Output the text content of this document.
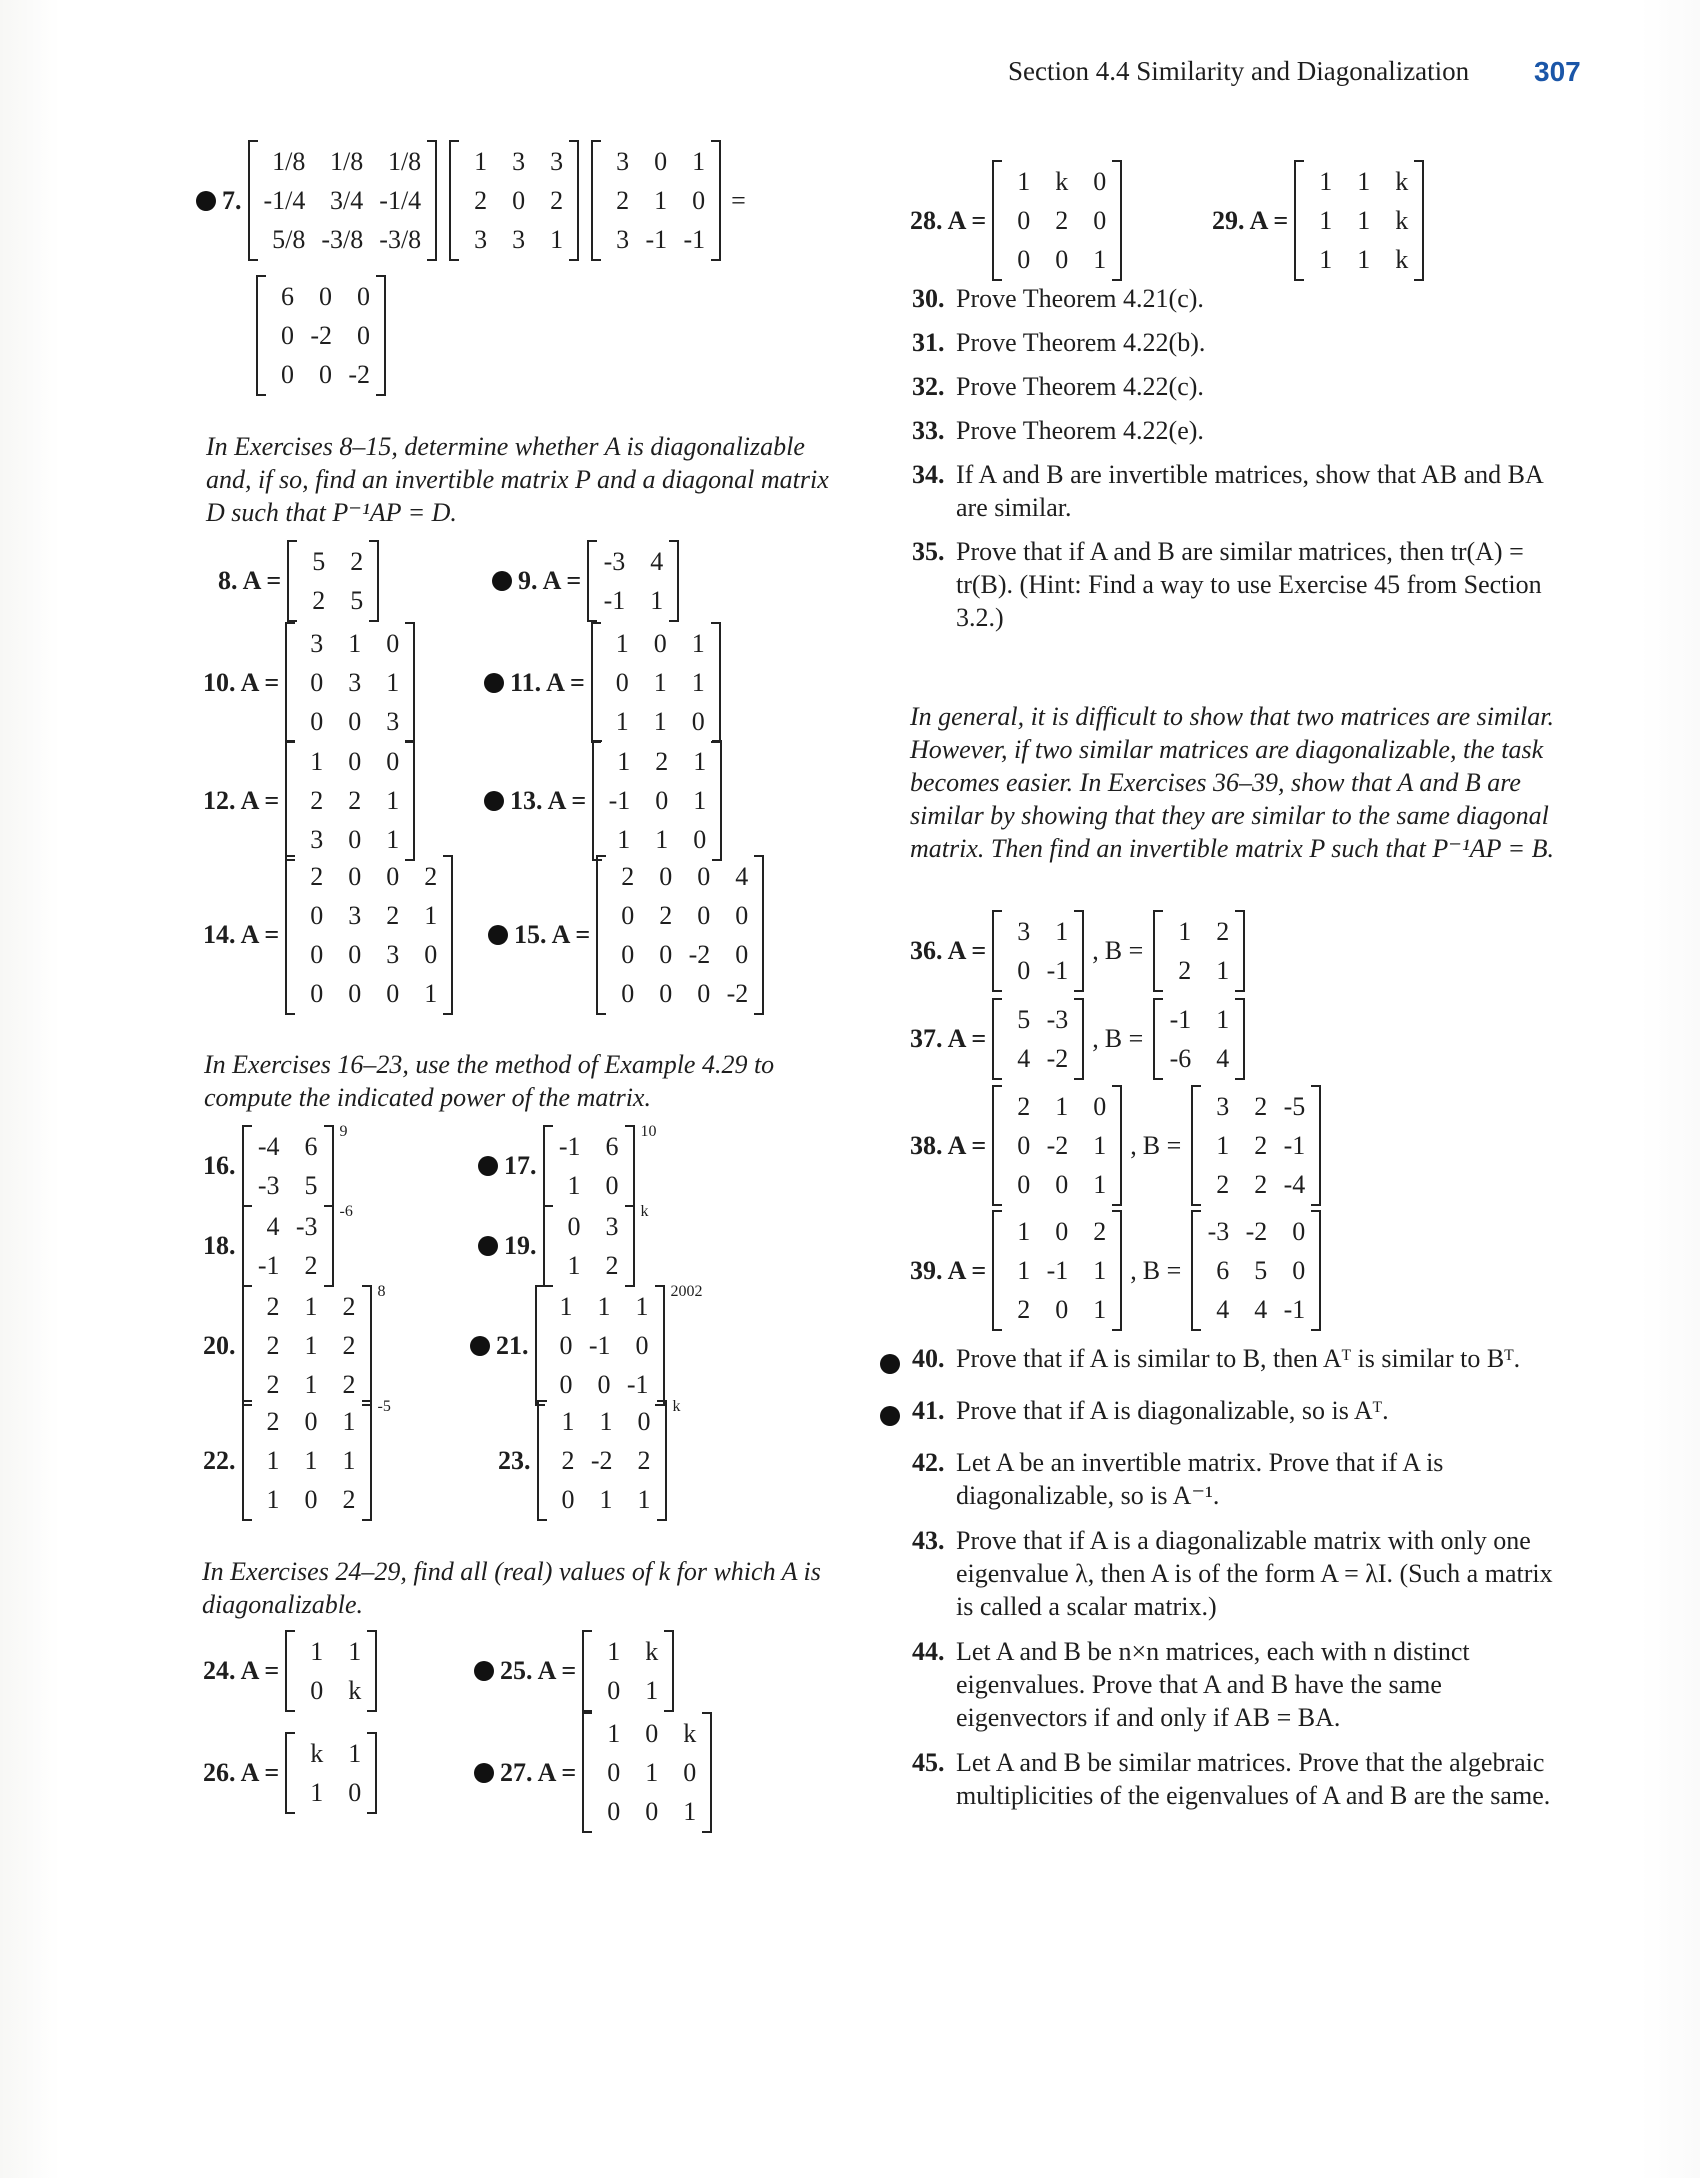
Section 4.4 Similarity and Diagonalization 307
7.
1/8 1/8 1/8
-1/4 3/4 -1/4
5/8 -3/8 -3/8
1 3 3
2 0 2
3 3 1
3 0 1
2 1 0
3 -1 -1
=
6 0 0
0 -2 0
0 0 -2
In Exercises 8–15, determine whether A is diagonalizable and, if so, find an invertible matrix P and a diagonal matrix D such that P⁻¹AP = D.
8. A =
5 2
2 5
9. A =
-3 4
-1 1
10. A =
3 1 0
0 3 1
0 0 3
11. A =
1 0 1
0 1 1
1 1 0
12. A =
1 0 0
2 2 1
3 0 1
13. A =
1 2 1
-1 0 1
1 1 0
14. A =
2 0 0 2
0 3 2 1
0 0 3 0
0 0 0 1
15. A =
2 0 0 4
0 2 0 0
0 0 -2 0
0 0 0 -2
In Exercises 16–23, use the method of Example 4.29 to compute the indicated power of the matrix.
16.
-4 6
-3 5
9
17.
-1 6
1 0
10
18.
4 -3
-1 2
-6
19.
0 3
1 2
k
20.
2 1 2
2 1 2
2 1 2
8
21.
1 1 1
0 -1 0
0 0 -1
2002
22.
2 0 1
1 1 1
1 0 2
-5
23.
1 1 0
2 -2 2
0 1 1
k
In Exercises 24–29, find all (real) values of k for which A is diagonalizable.
24. A =
1 1
0 k
25. A =
1 k
0 1
26. A =
k 1
1 0
27. A =
1 0 k
0 1 0
0 0 1
28. A =
1 k 0
0 2 0
0 0 1
29. A =
1 1 k
1 1 k
1 1 k
30. Prove Theorem 4.21(c).
31. Prove Theorem 4.22(b).
32. Prove Theorem 4.22(c).
33. Prove Theorem 4.22(e).
34. If A and B are invertible matrices, show that AB and BA are similar.
35. Prove that if A and B are similar matrices, then tr(A) = tr(B). (Hint: Find a way to use Exercise 45 from Section 3.2.)
In general, it is difficult to show that two matrices are similar. However, if two similar matrices are diagonalizable, the task becomes easier. In Exercises 36–39, show that A and B are similar by showing that they are similar to the same diagonal matrix. Then find an invertible matrix P such that P⁻¹AP = B.
36. A =
3 1
0 -1
, B =
1 2
2 1
37. A =
5 -3
4 -2
, B =
-1 1
-6 4
38. A =
2 1 0
0 -2 1
0 0 1
, B =
3 2 -5
1 2 -1
2 2 -4
39. A =
1 0 2
1 -1 1
2 0 1
, B =
-3 -2 0
6 5 0
4 4 -1
40. Prove that if A is similar to B, then Aᵀ is similar to Bᵀ.
41. Prove that if A is diagonalizable, so is Aᵀ.
42. Let A be an invertible matrix. Prove that if A is diagonalizable, so is A⁻¹.
43. Prove that if A is a diagonalizable matrix with only one eigenvalue λ, then A is of the form A = λI. (Such a matrix is called a scalar matrix.)
44. Let A and B be n×n matrices, each with n distinct eigenvalues. Prove that A and B have the same eigenvectors if and only if AB = BA.
45. Let A and B be similar matrices. Prove that the algebraic multiplicities of the eigenvalues of A and B are the same.
